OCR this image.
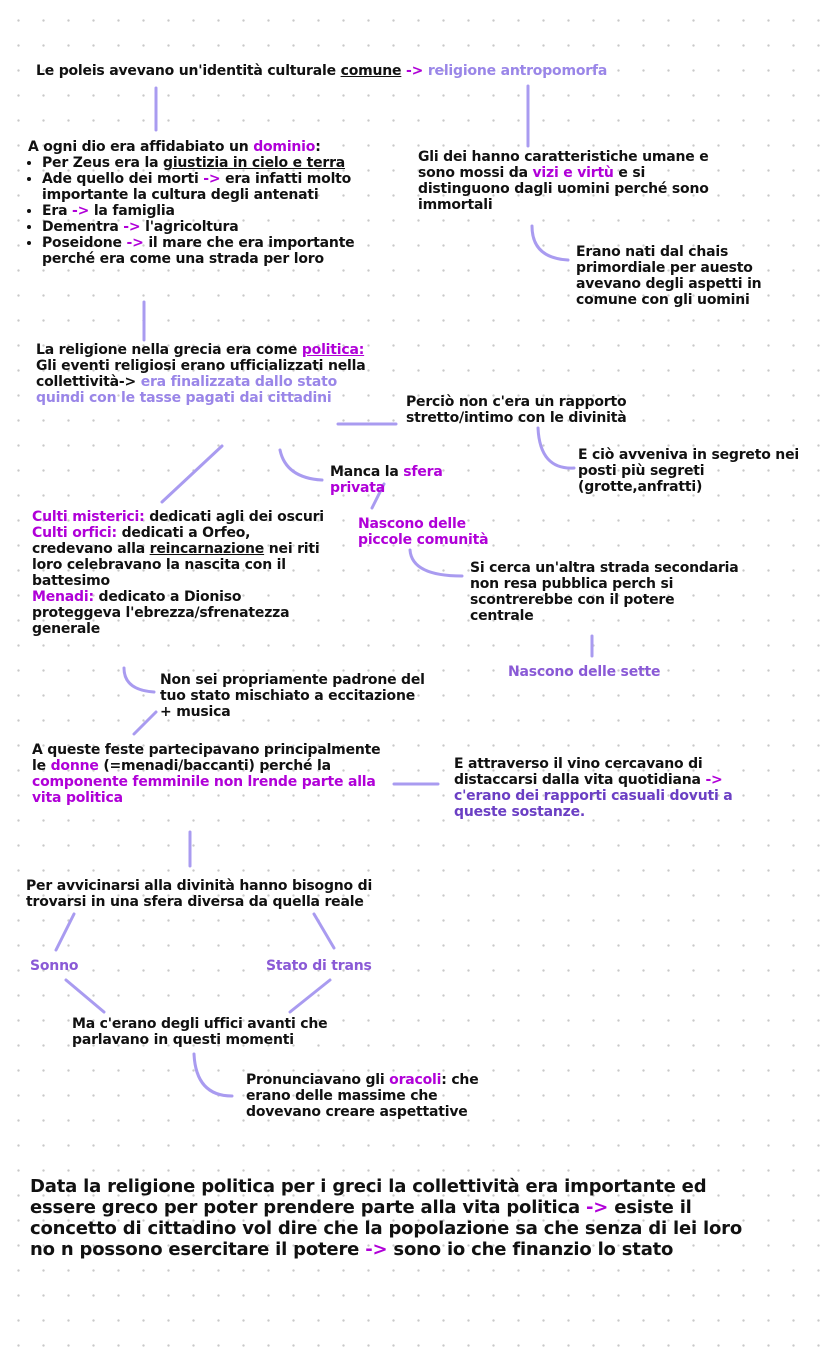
Le poleis avevano un'identità culturale comune -> religione antropomorfa

A ogni dio era affidabiato un dominio:
• Per Zeus era la giustizia in cielo e terra
• Ade quello dei morti -> era infatti molto importante la cultura degli antenati
• Era -> la famiglia
• Dementra -> l'agricoltura
• Poseidone -> il mare che era importante perché era come una strada per loro

Gli dei hanno caratteristiche umane e sono mossi da vizi e virtù e si distinguono dagli uomini perché sono immortali

Erano nati dal chais primordiale per auesto avevano degli aspetti in comune con gli uomini

La religione nella grecia era come politica:
Gli eventi religiosi erano ufficializzati nella collettività-> era finalizzata dallo stato quindi con le tasse pagati dai cittadini	Perciò non c'era un rapporto stretto/intimo con le divinità

E ciò avveniva in segreto nei posti più segreti (grotte,anfratti)

Manca la sfera
privata

Nascono delle piccole comunità

Si cerca un'altra strada secondaria non resa pubblica perch si scontrerebbe con il potere centrale

Nascono delle sette

Culti misterici: dedicati agli dei oscuri
Culti orfici: dedicati a Orfeo, credevano alla reincarnazione nei riti loro celebravano la nascita con il battesimo
Menadi: dedicato a Dioniso proteggeva l'ebrezza/sfrenatezza generale

Non sei propriamente padrone del tuo stato mischiato a eccitazione + musica

A queste feste partecipavano principalmente le donne (=menadi/baccanti) perché la componente femminile non lrende parte alla vita politica

E attraverso il vino cercavano di distaccarsi dalla vita quotidiana -> c'erano dei rapporti casuali dovuti a queste sostanze.

Per avvicinarsi alla divinità hanno bisogno di trovarsi in una sfera diversa da quella reale

Sonno	Stato di trans

Ma c'erano degli uffici avanti che parlavano in questi momenti

Pronunciavano gli oracoli: che erano delle massime che dovevano creare aspettative

Data la religione politica per i greci la collettività era importante ed essere greco per poter prendere parte alla vita politica -> esiste il concetto di cittadino vol dire che la popolazione sa che senza di lei loro no n possono esercitare il potere -> sono io che finanzio lo stato
